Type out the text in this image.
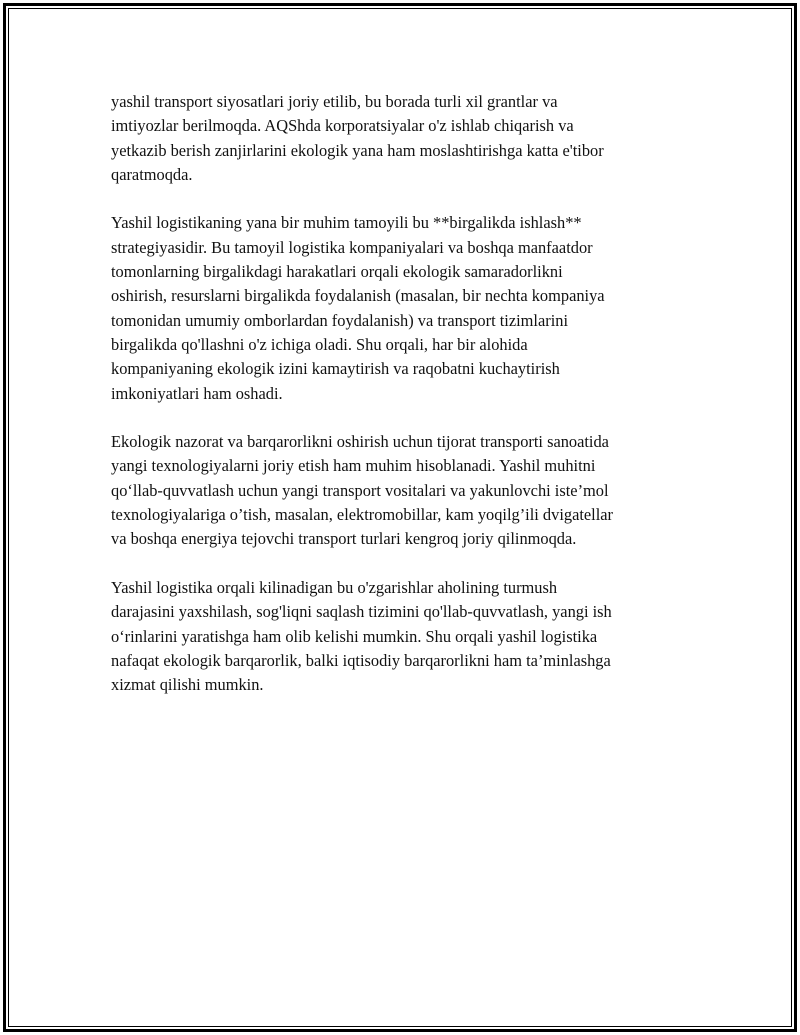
yashil transport siyosatlari joriy etilib, bu borada turli xil grantlar va
imtiyozlar berilmoqda. AQShda korporatsiyalar o'z ishlab chiqarish va
yetkazib berish zanjirlarini ekologik yana ham moslashtirishga katta e'tibor
qaratmoqda.

Yashil logistikaning yana bir muhim tamoyili bu **birgalikda ishlash**
strategiyasidir. Bu tamoyil logistika kompaniyalari va boshqa manfaatdor
tomonlarning birgalikdagi harakatlari orqali ekologik samaradorlikni
oshirish, resurslarni birgalikda foydalanish (masalan, bir nechta kompaniya
tomonidan umumiy omborlardan foydalanish) va transport tizimlarini
birgalikda qo'llashni o'z ichiga oladi. Shu orqali, har bir alohida
kompaniyaning ekologik izini kamaytirish va raqobatni kuchaytirish
imkoniyatlari ham oshadi.

Ekologik nazorat va barqarorlikni oshirish uchun tijorat transporti sanoatida
yangi texnologiyalarni joriy etish ham muhim hisoblanadi. Yashil muhitni
qo‘llab-quvvatlash uchun yangi transport vositalari va yakunlovchi iste’mol
texnologiyalariga o’tish, masalan, elektromobillar, kam yoqilg’ili dvigatellar
va boshqa energiya tejovchi transport turlari kengroq joriy qilinmoqda.

Yashil logistika orqali kilinadigan bu o'zgarishlar aholining turmush
darajasini yaxshilash, sog'liqni saqlash tizimini qo'llab-quvvatlash, yangi ish
o‘rinlarini yaratishga ham olib kelishi mumkin. Shu orqali yashil logistika
nafaqat ekologik barqarorlik, balki iqtisodiy barqarorlikni ham ta’minlashga
xizmat qilishi mumkin.
